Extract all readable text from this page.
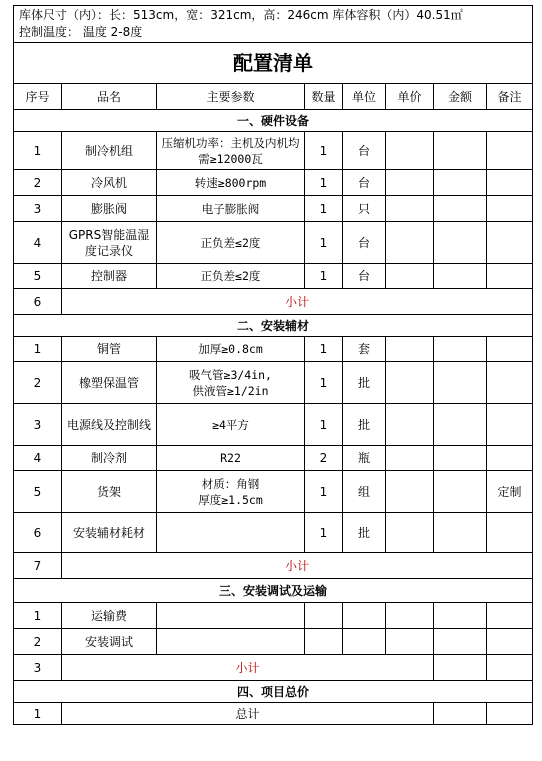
库体尺寸（内）：长：513cm，宽：321cm，高：246cm 库体容积（内）40.51㎡
控制温度： 温度 2-8度							

配置清单							
序号	品名	主要参数	数量	单位	单价	金额	备注
一、硬件设备							
1	制冷机组	压缩机功率：主机及内机均需≥12000瓦	1	台			
2	冷风机	转速≥800rpm	1	台			
3	膨胀阀	电子膨胀阀	1	只			
4	GPRS智能温湿度记录仪	正负差≤2度	1	台			
5	控制器	正负差≤2度	1	台			
6	小计						
二、安装辅材							
1	铜管	加厚≥0.8cm	1	套			
2	橡塑保温管	吸气管≥3/4in,
供液管≥1/2in	1	批			
3	电源线及控制线	≥4平方	1	批			
4	制冷剂	R22	2	瓶			
5	货架	材质：角钢
厚度≥1.5cm	1	组			定制
6	安装辅材耗材		1	批			
7	小计						
三、安装调试及运输							
1	运输费						
2	安装调试						
3	小计						
四、项目总价							
1	总计						
